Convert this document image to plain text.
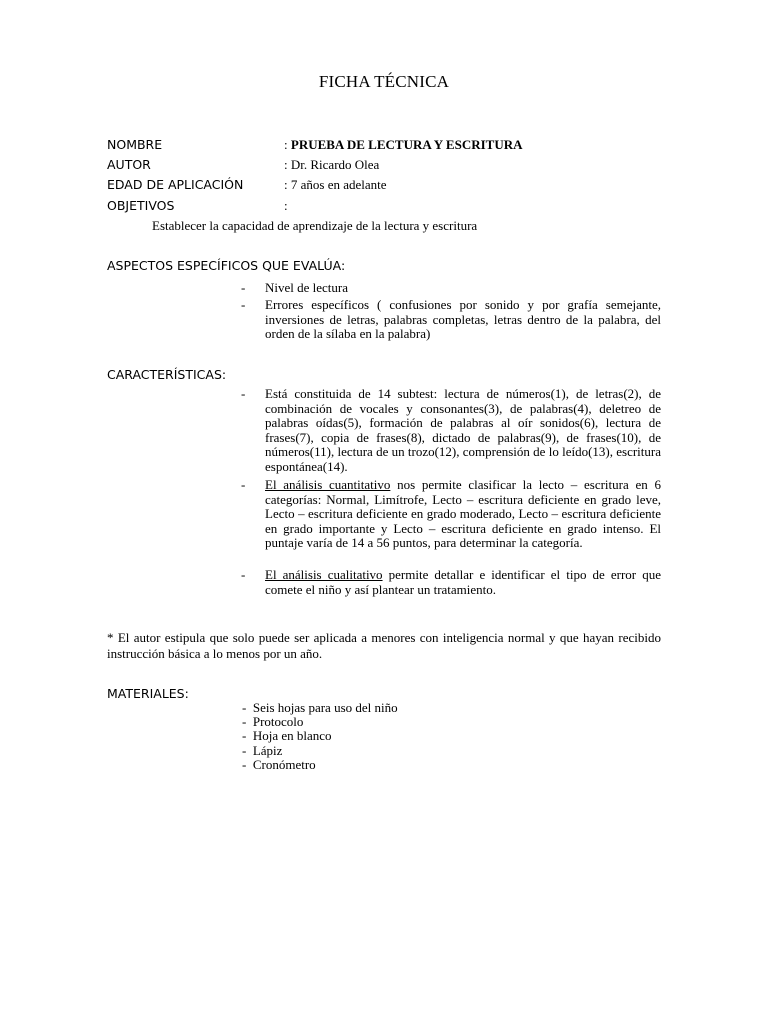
FICHA TÉCNICA
NOMBRE	: PRUEBA DE LECTURA Y ESCRITURA
AUTOR	: Dr. Ricardo Olea
EDAD DE APLICACIÓN	: 7 años en adelante
OBJETIVOS	:
Establecer la capacidad de aprendizaje de la lectura y escritura
ASPECTOS ESPECÍFICOS QUE EVALÚA:
- Nivel de lectura
- Errores específicos ( confusiones por sonido y por grafía semejante, inversiones de letras, palabras completas, letras dentro de la palabra, del orden de la sílaba en la palabra)
CARACTERÍSTICAS:
- Está constituida de 14 subtest: lectura de números(1), de letras(2), de combinación de vocales y consonantes(3), de palabras(4), deletreo de palabras oídas(5), formación de palabras al oír sonidos(6), lectura de frases(7), copia de frases(8), dictado de palabras(9), de frases(10), de números(11), lectura de un trozo(12), comprensión de lo leído(13), escritura espontánea(14).
- El análisis cuantitativo nos permite clasificar la lecto – escritura en 6 categorías: Normal, Limítrofe, Lecto – escritura deficiente en grado leve, Lecto – escritura deficiente en grado moderado, Lecto – escritura deficiente en grado importante y Lecto – escritura deficiente en grado intenso. El puntaje varía de 14 a 56 puntos, para determinar la categoría.
- El análisis cualitativo permite detallar e identificar el tipo de error que comete el niño y así plantear un tratamiento.
* El autor estipula que solo puede ser aplicada a menores con inteligencia normal y que hayan recibido instrucción básica a lo menos por un año.
MATERIALES:
- Seis hojas para uso del niño
- Protocolo
- Hoja en blanco
- Lápiz
- Cronómetro
